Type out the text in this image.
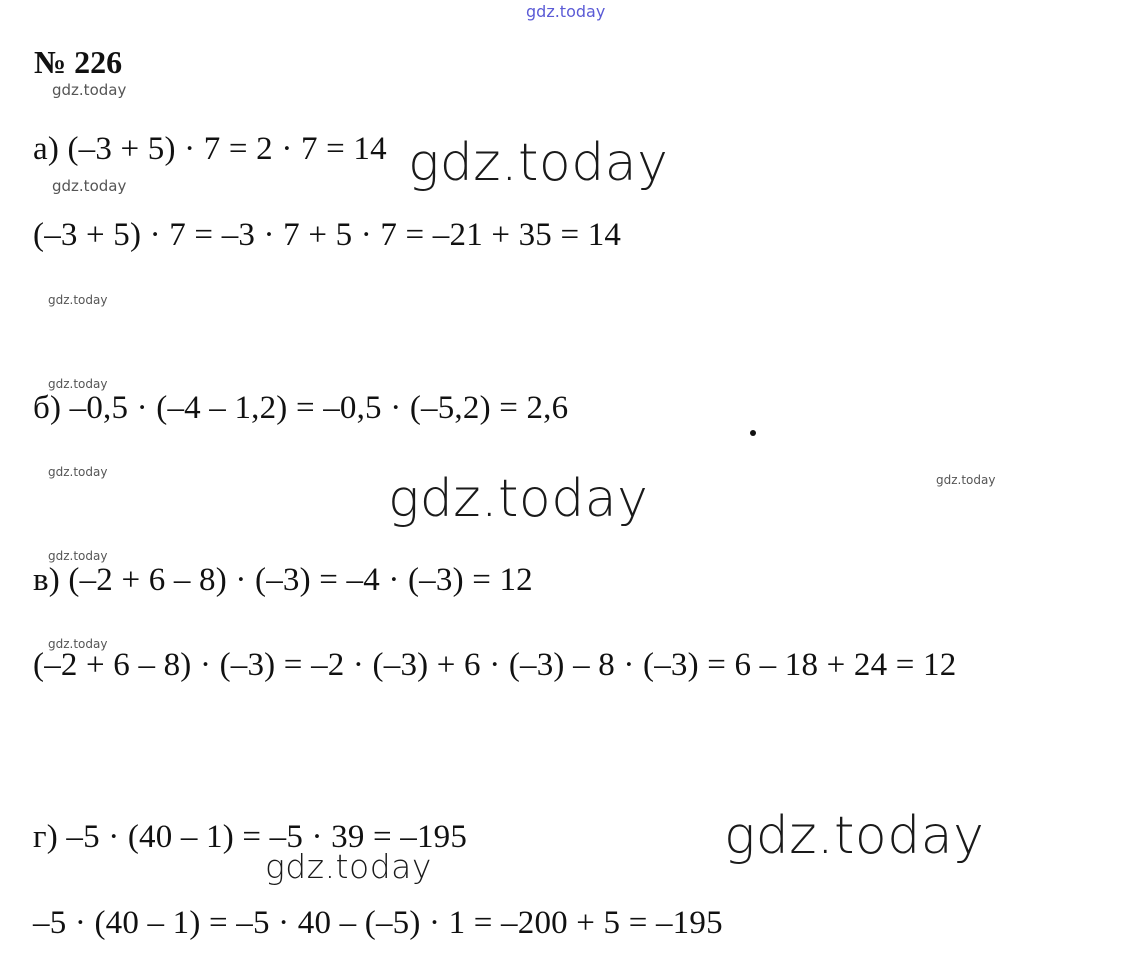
gdz.today
№ 226
gdz.today
а) (–3 + 5) · 7 = 2 · 7 = 14 gdz.today
gdz.today
(–3 + 5) · 7 = –3 · 7 + 5 · 7 = –21 + 35 = 14
gdz.today
gdz.today
б) –0,5 · (–4 – 1,2) = –0,5 · (–5,2) = 2,6
gdz.today
gdz.today
gdz.today
gdz.today
в) (–2 + 6 – 8) · (–3) = –4 · (–3) = 12
gdz.today
(–2 + 6 – 8) · (–3) = –2 · (–3) + 6 · (–3) – 8 · (–3) = 6 – 18 + 24 = 12
г) –5 · (40 – 1) = –5 · 39 = –195	gdz.today
gdz.today
–5 · (40 – 1) = –5 · 40 – (–5) · 1 = –200 + 5 = –195
